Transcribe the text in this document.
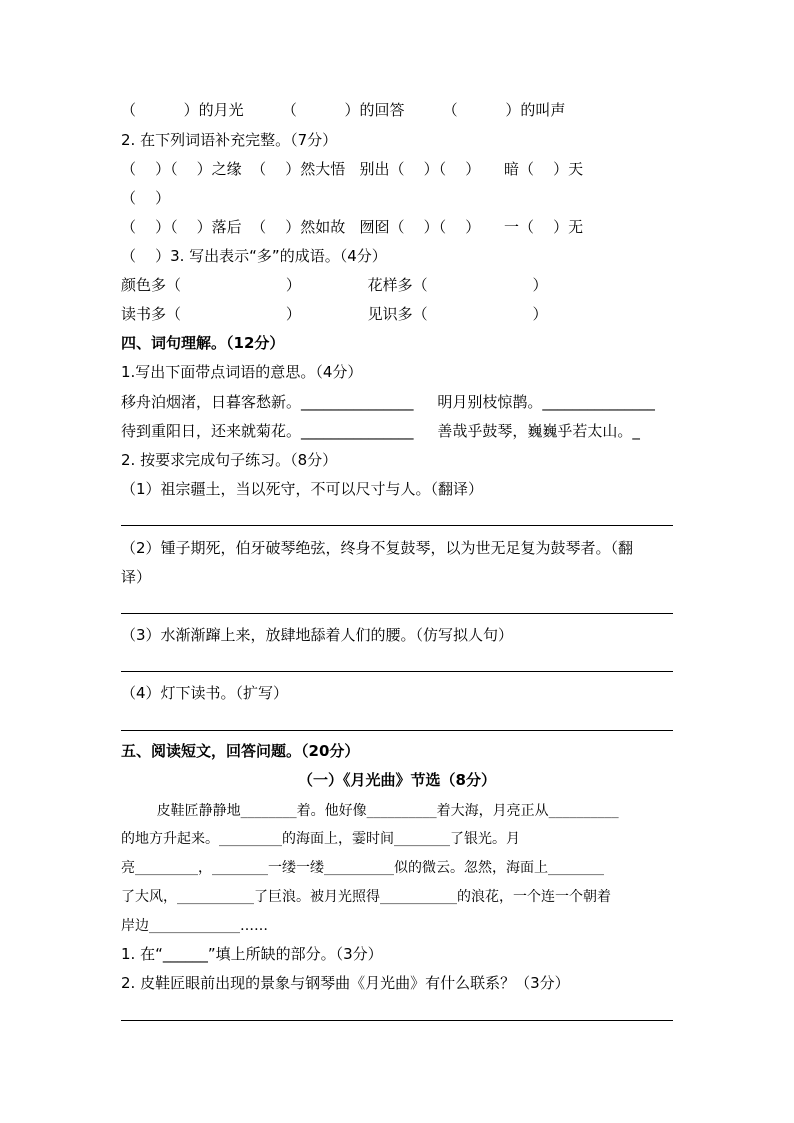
（          ）的月光        （          ）的回答        （          ）的叫声
2. 在下列词语补充完整。（7分）
（    ）（    ）之缘  （    ）然大悟   别出（    ）（    ）     暗（    ）天
（    ）
（    ）（    ）落后  （    ）然如故   囫囵（    ）（    ）     一（    ）无
（    ）3. 写出表示“多”的成语。（4分）
颜色多（                      ）              花样多（                      ）
读书多（                      ）              见识多（                      ）
四、词句理解。（12分）
1.写出下面带点词语的意思。（4分）
移舟泊烟渚，日暮客愁新。_______________     明月别枝惊鹊。_______________
待到重阳日，还来就菊花。_______________     善哉乎鼓琴，巍巍乎若太山。_
2. 按要求完成句子练习。（8分）
（1）祖宗疆土，当以死守，不可以尺寸与人。（翻译）
（2）锺子期死，伯牙破琴绝弦，终身不复鼓琴，以为世无足复为鼓琴者。（翻
译）
（3）水渐渐蹿上来，放肆地舔着人们的腰。（仿写拟人句）
（4）灯下读书。（扩写）
五、阅读短文，回答问题。（20分）
（一）《月光曲》节选（8分）
皮鞋匠静静地________着。他好像__________着大海，月亮正从__________
的地方升起来。_________的海面上，霎时间________了银光。月
亮_________，________一缕一缕__________似的微云。忽然，海面上________
了大风，___________了巨浪。被月光照得___________的浪花，一个连一个朝着
岸边_____________……
1. 在“______”填上所缺的部分。（3分）
2. 皮鞋匠眼前出现的景象与钢琴曲《月光曲》有什么联系？（3分）
